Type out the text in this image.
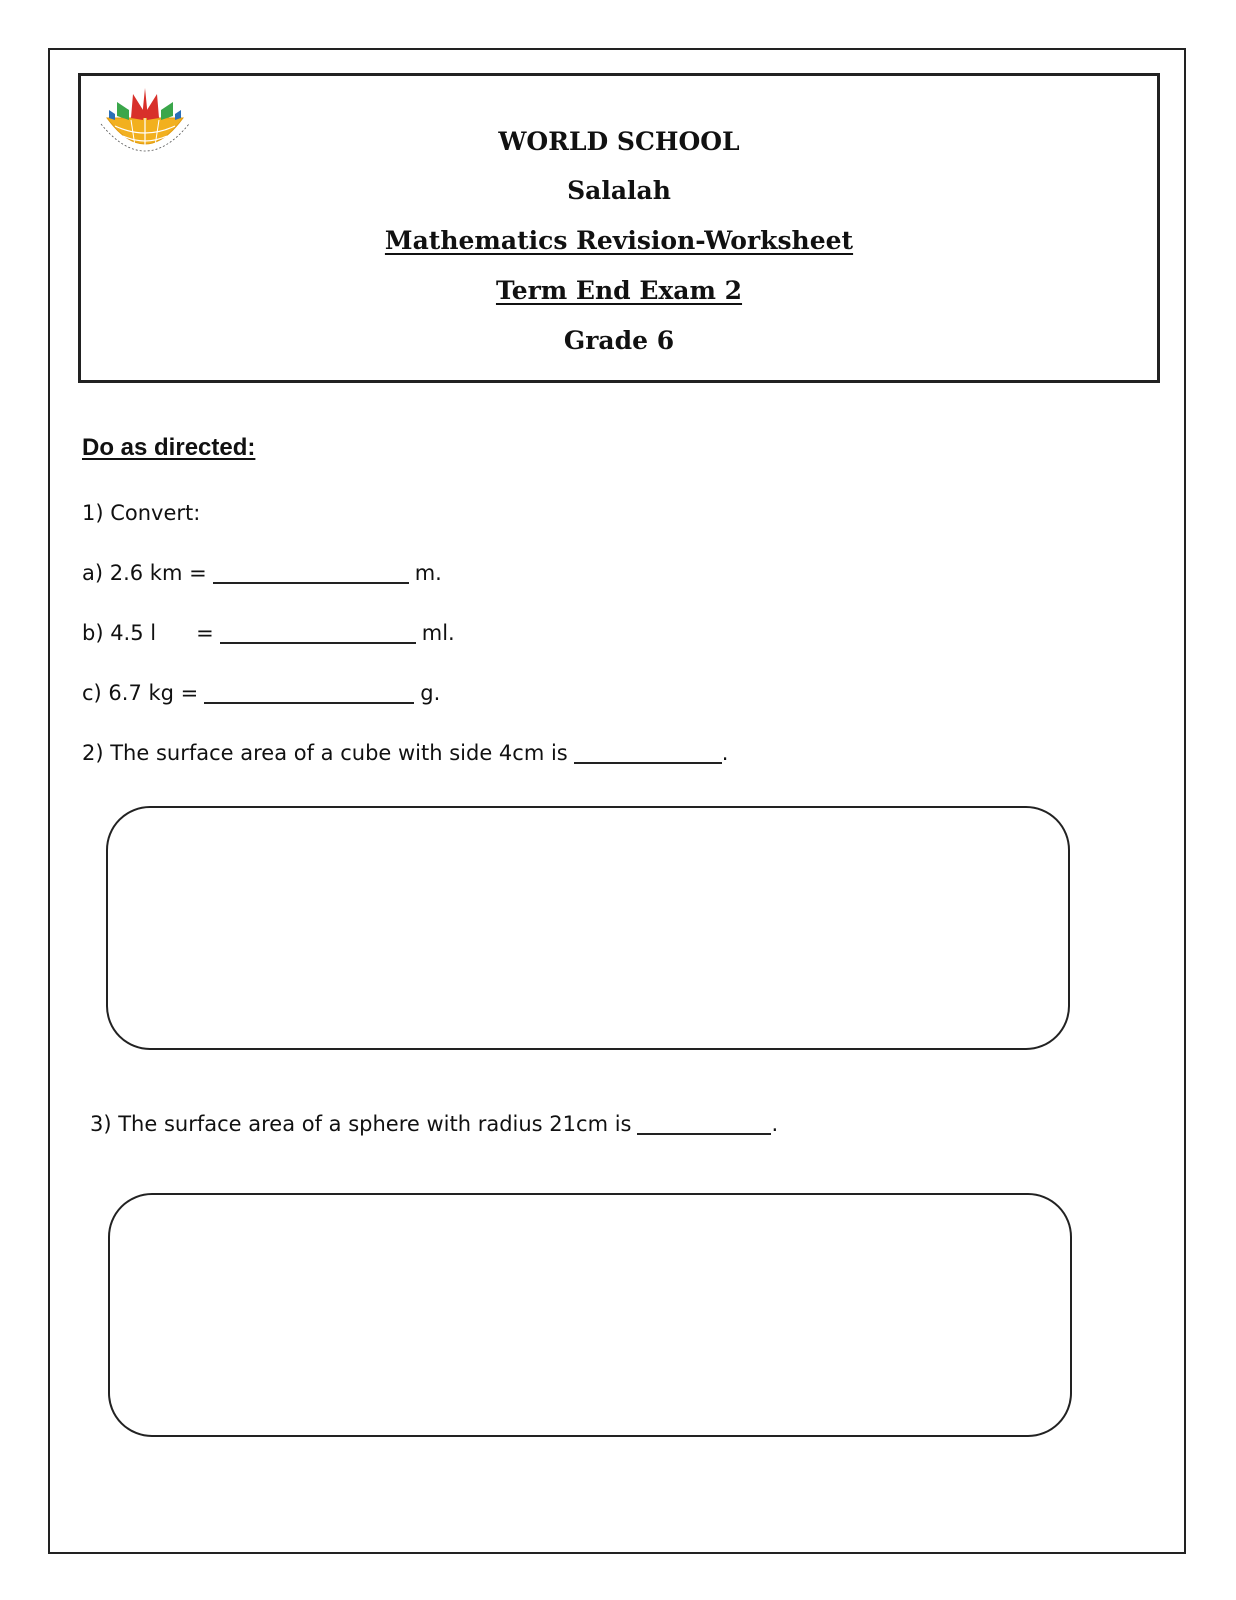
WORLD SCHOOL

Salalah

Mathematics Revision-Worksheet

Term End Exam 2

Grade 6

Do as directed:

1) Convert:
a) 2.6 km =	m.
b) 4.5 l      =	ml.
c) 6.7 kg =	g.
2) The surface area of a cube with side 4cm is	.
3) The surface area of a sphere with radius 21cm is	.
